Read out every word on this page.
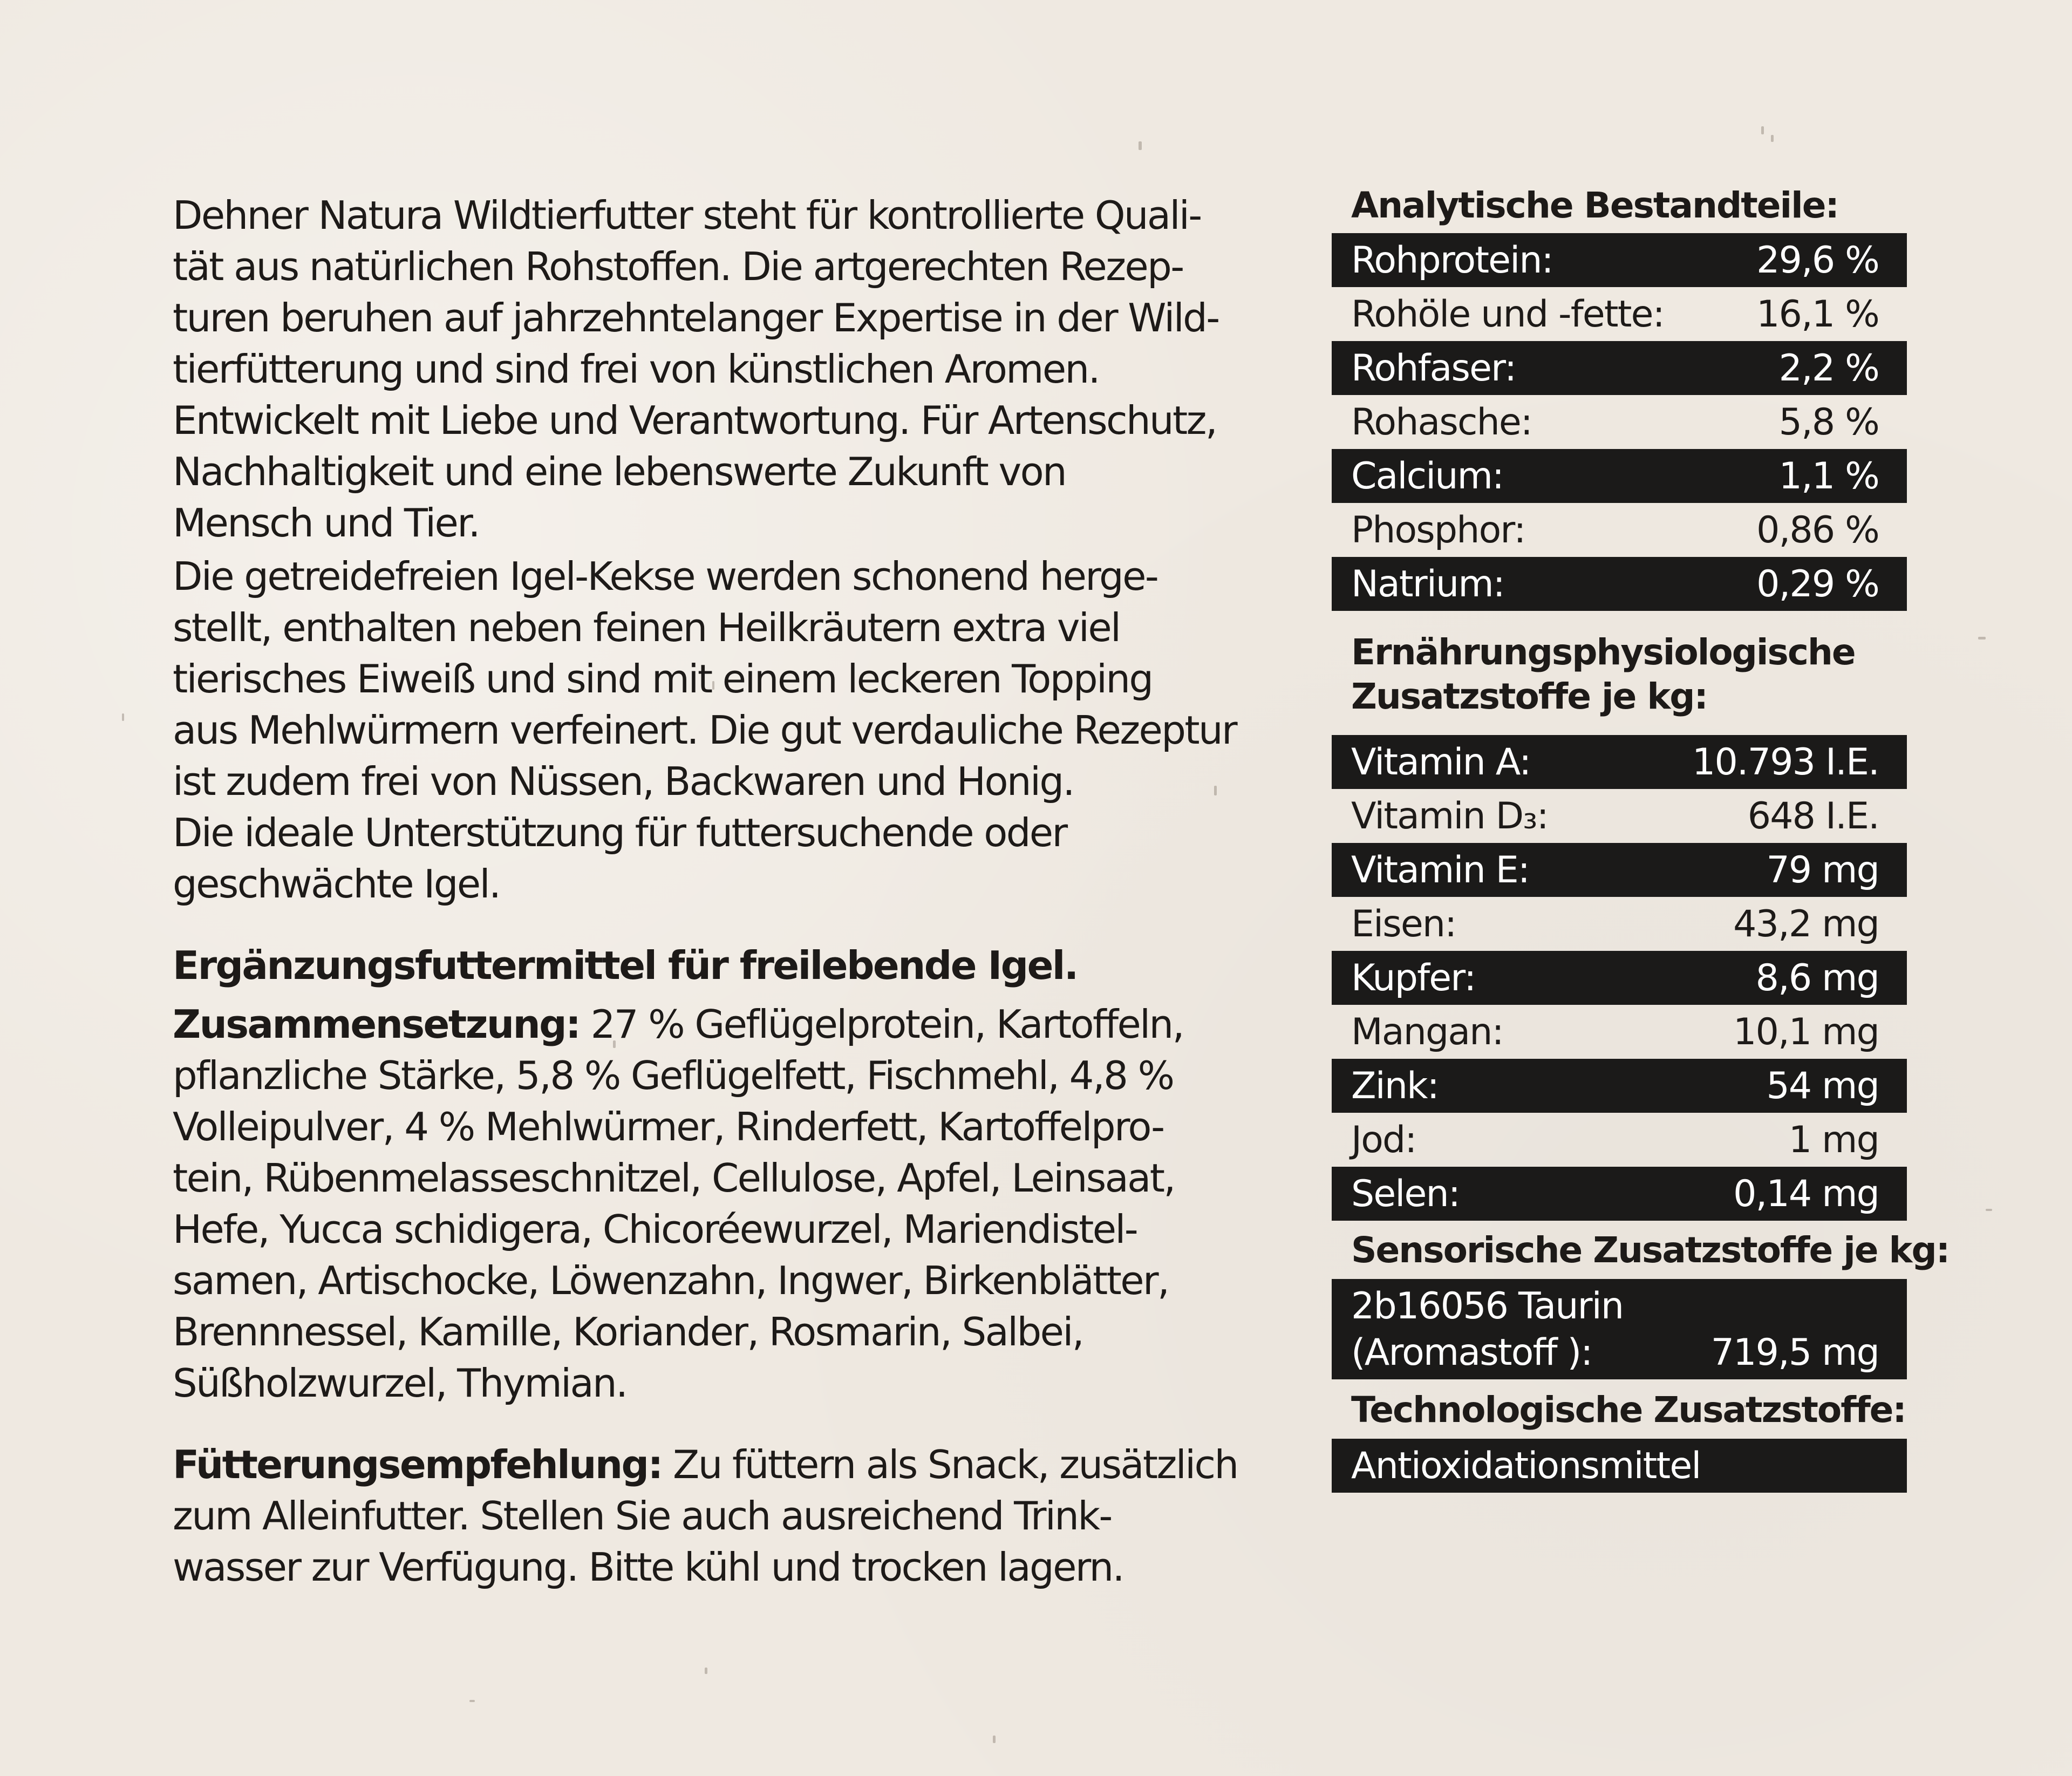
Dehner Natura Wildtierfutter steht für kontrollierte Quali-
tät aus natürlichen Rohstoffen. Die artgerechten Rezep-
turen beruhen auf jahrzehntelanger Expertise in der Wild-
tierfütterung und sind frei von künstlichen Aromen.
Entwickelt mit Liebe und Verantwortung. Für Artenschutz,
Nachhaltigkeit und eine lebenswerte Zukunft von
Mensch und Tier.
Die getreidefreien Igel-Kekse werden schonend herge-
stellt, enthalten neben feinen Heilkräutern extra viel
tierisches Eiweiß und sind mit einem leckeren Topping
aus Mehlwürmern verfeinert. Die gut verdauliche Rezeptur
ist zudem frei von Nüssen, Backwaren und Honig.
Die ideale Unterstützung für futtersuchende oder
geschwächte Igel.
Ergänzungsfuttermittel für freilebende Igel.
Zusammensetzung: 27 % Geflügelprotein, Kartoffeln,
pflanzliche Stärke, 5,8 % Geflügelfett, Fischmehl, 4,8 %
Volleipulver, 4 % Mehlwürmer, Rinderfett, Kartoffelpro-
tein, Rübenmelasseschnitzel, Cellulose, Apfel, Leinsaat,
Hefe, Yucca schidigera, Chicoréewurzel, Mariendistel-
samen, Artischocke, Löwenzahn, Ingwer, Birkenblätter,
Brennnessel, Kamille, Koriander, Rosmarin, Salbei,
Süßholzwurzel, Thymian.
Fütterungsempfehlung: Zu füttern als Snack, zusätzlich
zum Alleinfutter. Stellen Sie auch ausreichend Trink-
wasser zur Verfügung. Bitte kühl und trocken lagern.
Analytische Bestandteile:
Rohprotein:	29,6 %
Rohöle und -fette:	16,1 %
Rohfaser:	2,2 %
Rohasche:	5,8 %
Calcium:	1,1 %
Phosphor:	0,86 %
Natrium:	0,29 %
Ernährungsphysiologische
Zusatzstoffe je kg:
Vitamin A:	10.793 I.E.
Vitamin D₃:	648 I.E.
Vitamin E:	79 mg
Eisen:	43,2 mg
Kupfer:	8,6 mg
Mangan:	10,1 mg
Zink:	54 mg
Jod:	1 mg
Selen:	0,14 mg
Sensorische Zusatzstoffe je kg:
2b16056 Taurin
(Aromastoff ):	719,5 mg
Technologische Zusatzstoffe:
Antioxidationsmittel
